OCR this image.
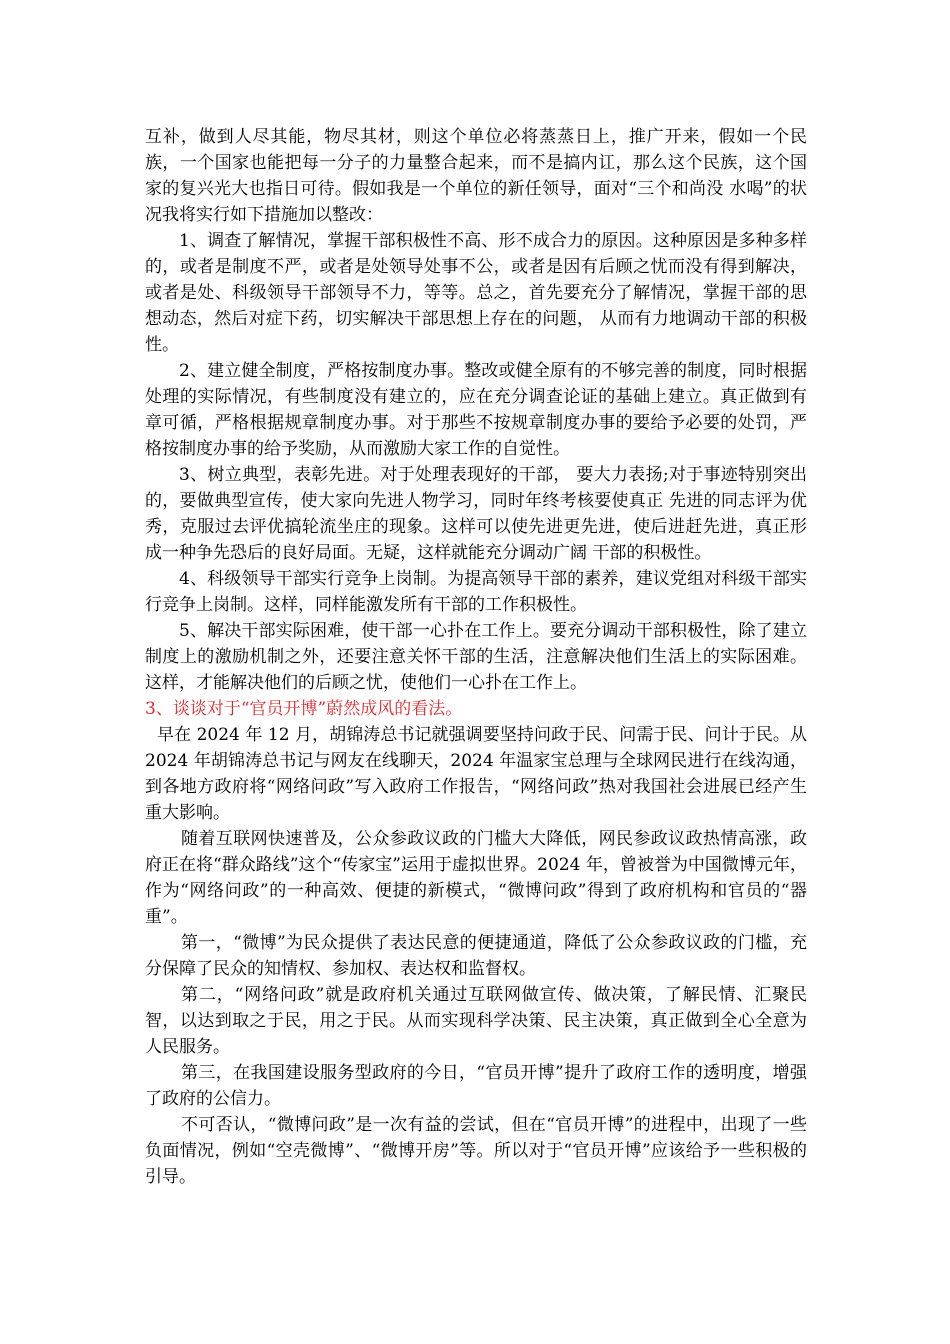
互补，做到人尽其能，物尽其材，则这个单位必将蒸蒸日上，推广开来，假如一个民 族，一个国家也能把每一分子的力量整合起来，而不是搞内讧，那么这个民族，这个国家的复兴光大也指日可待。假如我是一个单位的新任领导，面对“三个和尚没 水喝”的状况我将实行如下措施加以整改：

1、调查了解情况，掌握干部积极性不高、形不成合力的原因。这种原因是多种多样的，或者是制度不严，或者是处领导处事不公，或者是因有后顾之忧而没有得到解决，或者是处、科级领导干部领导不力，等等。总之，首先要充分了解情况，掌握干部的思想动态，然后对症下药，切实解决干部思想上存在的问题， 从而有力地调动干部的积极性。

2、建立健全制度，严格按制度办事。整改或健全原有的不够完善的制度，同时根据处理的实际情况，有些制度没有建立的，应在充分调查论证的基础上建立。真正做到有章可循，严格根据规章制度办事。对于那些不按规章制度办事的要给予必要的处罚，严格按制度办事的给予奖励，从而激励大家工作的自觉性。

3、树立典型，表彰先进。对于处理表现好的干部， 要大力表扬;对于事迹特别突出的，要做典型宣传，使大家向先进人物学习，同时年终考核要使真正 先进的同志评为优秀，克服过去评优搞轮流坐庄的现象。这样可以使先进更先进，使后进赶先进，真正形成一种争先恐后的良好局面。无疑，这样就能充分调动广阔 干部的积极性。

4、科级领导干部实行竞争上岗制。为提高领导干部的素养，建议党组对科级干部实行竞争上岗制。这样，同样能激发所有干部的工作积极性。

5、解决干部实际困难，使干部一心扑在工作上。要充分调动干部积极性，除了建立制度上的激励机制之外，还要注意关怀干部的生活，注意解决他们生活上的实际困难。这样，才能解决他们的后顾之忧，使他们一心扑在工作上。

3、谈谈对于“官员开博”蔚然成风的看法。

早在 2024 年 12 月，胡锦涛总书记就强调要坚持问政于民、问需于民、问计于民。从 2024 年胡锦涛总书记与网友在线聊天，2024 年温家宝总理与全球网民进行在线沟通，到各地方政府将“网络问政”写入政府工作报告，“网络问政”热对我国社会进展已经产生重大影响。

随着互联网快速普及，公众参政议政的门槛大大降低，网民参政议政热情高涨，政府正在将“群众路线”这个“传家宝”运用于虚拟世界。2024 年，曾被誉为中国微博元年，作为“网络问政”的一种高效、便捷的新模式，“微博问政”得到了政府机构和官员的“器重”。

第一，“微博”为民众提供了表达民意的便捷通道，降低了公众参政议政的门槛，充分保障了民众的知情权、参加权、表达权和监督权。

第二，“网络问政”就是政府机关通过互联网做宣传、做决策，了解民情、汇聚民智，以达到取之于民，用之于民。从而实现科学决策、民主决策，真正做到全心全意为人民服务。

第三，在我国建设服务型政府的今日，“官员开博”提升了政府工作的透明度，增强了政府的公信力。

不可否认，“微博问政”是一次有益的尝试，但在“官员开博”的进程中，出现了一些负面情况，例如“空壳微博”、“微博开房”等。所以对于“官员开博”应该给予一些积极的引导。
